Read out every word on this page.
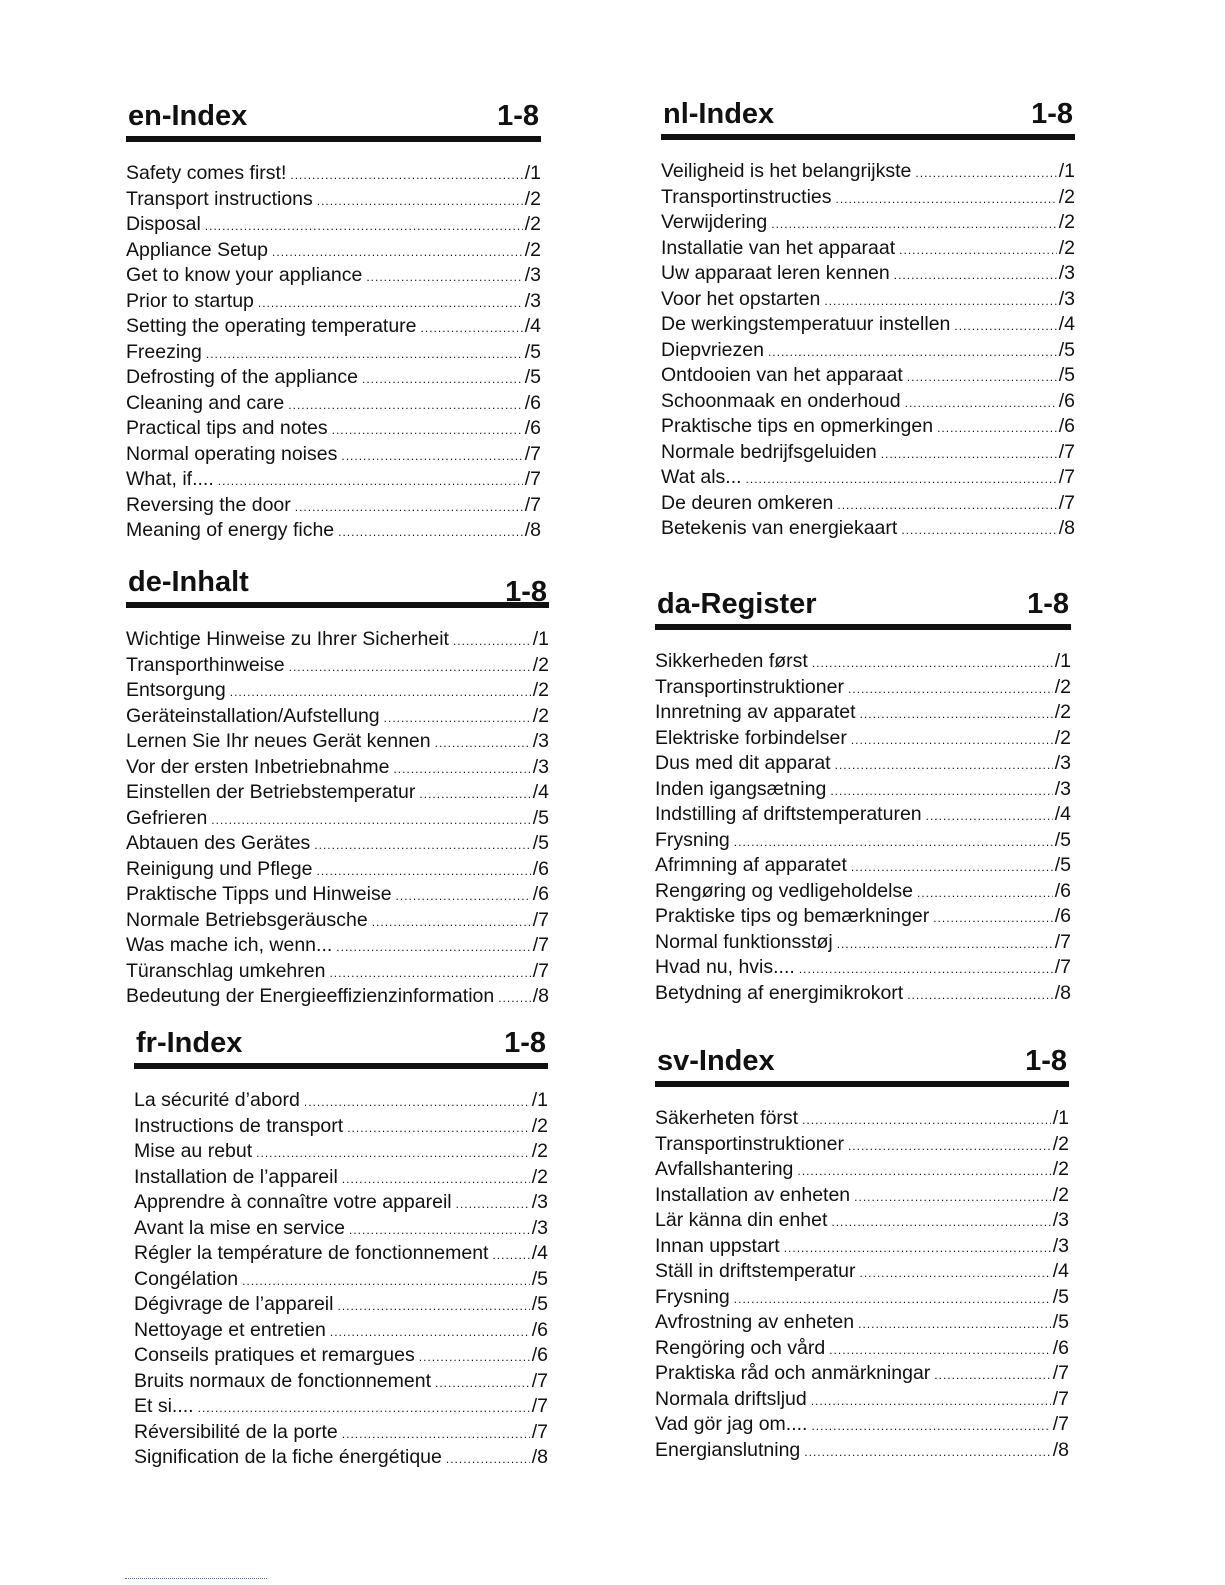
en-Index	1-8
Safety comes first! .....	/1
Transport instructions .....	/2
Disposal .....	/2
Appliance Setup .....	/2
Get to know your appliance .....	/3
Prior to startup .....	/3
Setting the operating temperature .....	/4
Freezing .....	/5
Defrosting of the appliance .....	/5
Cleaning and care .....	/6
Practical tips and notes .....	/6
Normal operating noises .....	/7
What, if.... .....	/7
Reversing the door .....	/7
Meaning of energy fiche .....	/8
nl-Index	1-8
Veiligheid is het belangrijkste .....	/1
Transportinstructies .....	/2
Verwijdering .....	/2
Installatie van het apparaat .....	/2
Uw apparaat leren kennen .....	/3
Voor het opstarten .....	/3
De werkingstemperatuur instellen .....	/4
Diepvriezen .....	/5
Ontdooien van het apparaat .....	/5
Schoonmaak en onderhoud .....	/6
Praktische tips en opmerkingen .....	/6
Normale bedrijfsgeluiden .....	/7
Wat als... .....	/7
De deuren omkeren .....	/7
Betekenis van energiekaart .....	/8
de-Inhalt	1-8
Wichtige Hinweise zu Ihrer Sicherheit .....	/1
Transporthinweise .....	/2
Entsorgung .....	/2
Geräteinstallation/Aufstellung .....	/2
Lernen Sie Ihr neues Gerät kennen .....	/3
Vor der ersten Inbetriebnahme .....	/3
Einstellen der Betriebstemperatur .....	/4
Gefrieren .....	/5
Abtauen des Gerätes .....	/5
Reinigung und Pflege .....	/6
Praktische Tipps und Hinweise .....	/6
Normale Betriebsgeräusche .....	/7
Was mache ich, wenn... .....	/7
Türanschlag umkehren .....	/7
Bedeutung der Energieeffizienzinformation ..... /8
da-Register	1-8
Sikkerheden først .....	/1
Transportinstruktioner .....	/2
Innretning av apparatet .....	/2
Elektriske forbindelser .....	/2
Dus med dit apparat .....	/3
Inden igangsætning .....	/3
Indstilling af driftstemperaturen .....	/4
Frysning .....	/5
Afrimning af apparatet .....	/5
Rengøring og vedligeholdelse .....	/6
Praktiske tips og bemærkninger .....	/6
Normal funktionsstøj .....	/7
Hvad nu, hvis.... .....	/7
Betydning af energimikrokort .....	/8
fr-Index	1-8
La sécurité d’abord .....	/1
Instructions de transport .....	/2
Mise au rebut .....	/2
Installation de l’appareil .....	/2
Apprendre à connaître votre appareil .....	/3
Avant la mise en service .....	/3
Régler la température de fonctionnement ..... /4
Congélation .....	/5
Dégivrage de l’appareil .....	/5
Nettoyage et entretien .....	/6
Conseils pratiques et remargues .....	/6
Bruits normaux de fonctionnement .....	/7
Et si.... .....	/7
Réversibilité de la porte .....	/7
Signification de la fiche énergétique .....	/8
sv-Index	1-8
Säkerheten först .....	/1
Transportinstruktioner .....	/2
Avfallshantering .....	/2
Installation av enheten .....	/2
Lär känna din enhet .....	/3
Innan uppstart .....	/3
Ställ in driftstemperatur .....	/4
Frysning .....	/5
Avfrostning av enheten .....	/5
Rengöring och vård .....	/6
Praktiska råd och anmärkningar .....	/7
Normala driftsljud .....	/7
Vad gör jag om.... .....	/7
Energianslutning .....	/8
